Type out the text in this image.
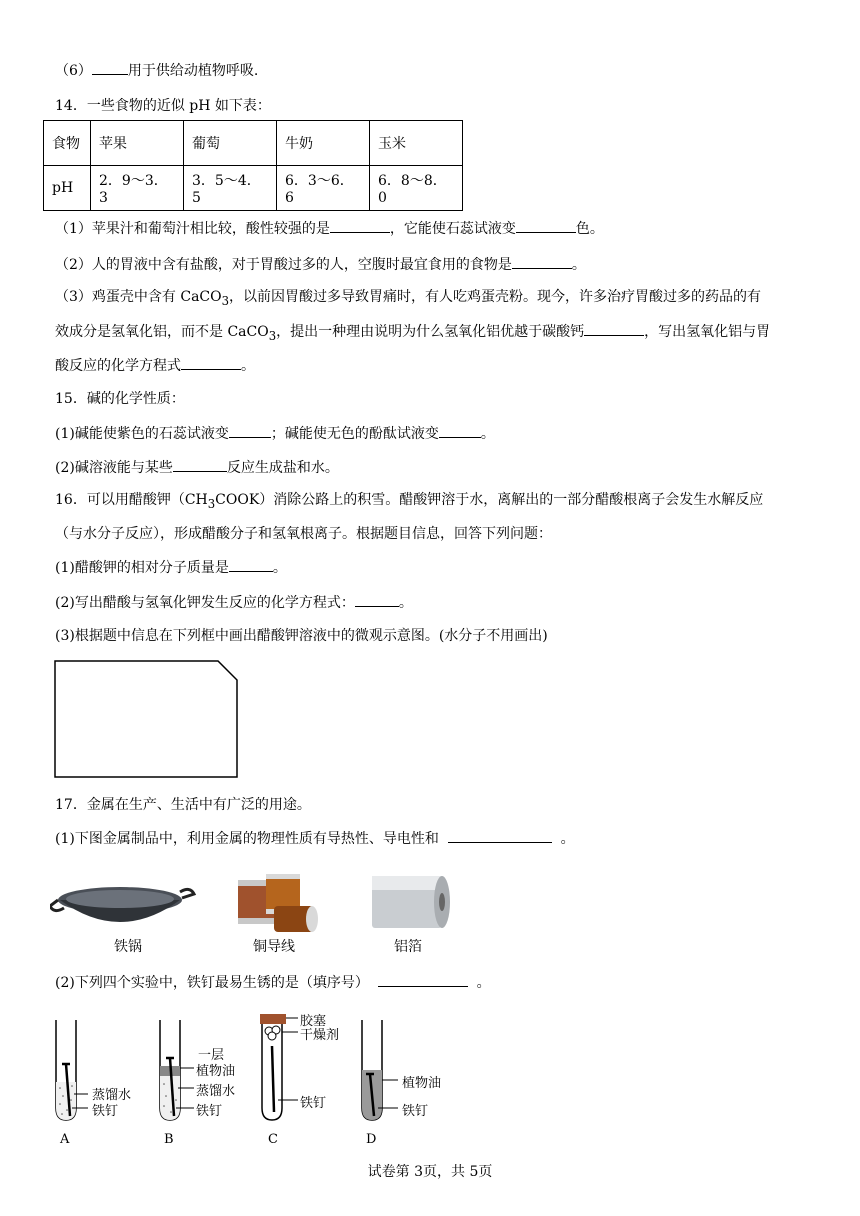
（6）	用于供给动植物呼吸.
14．一些食物的近似 pH 如下表：
食物	苹果	葡萄	牛奶	玉米
pH	2．9～3．3	3．5～4．5	6．3～6．6	6．8～8．0
（1）苹果汁和葡萄汁相比较，酸性较强的是	，它能使石蕊试液变	色。
（2）人的胃液中含有盐酸，对于胃酸过多的人，空腹时最宜食用的食物是	。
（3）鸡蛋壳中含有 CaCO$_3$，以前因胃酸过多导致胃痛时，有人吃鸡蛋壳粉。现今，许多治疗胃酸过多的药品的有
效成分是氢氧化铝，而不是 CaCO$_3$，提出一种理由说明为什么氢氧化铝优越于碳酸钙	，写出氢氧化铝与胃
酸反应的化学方程式	。
15．碱的化学性质：
(1)碱能使紫色的石蕊试液变	；碱能使无色的酚酞试液变	。
(2)碱溶液能与某些	反应生成盐和水。
16．可以用醋酸钾$(CH_3COOK)$消除公路上的积雪。醋酸钾溶于水，离解出的一部分醋酸根离子会发生水解反应
（与水分子反应），形成醋酸分子和氢氧根离子。根据题目信息，回答下列问题：
(1)醋酸钾的相对分子质量是	。
(2)写出醋酸与氢氧化钾发生反应的化学方程式：	。
(3)根据题中信息在下列框中画出醋酸钾溶液中的微观示意图。(水分子不用画出)
17．金属在生产、生活中有广泛的用途。
(1)下图金属制品中，利用金属的物理性质有导热性、导电性和	。
铁锅	铜导线	铝箔
(2)下列四个实验中，铁钉最易生锈的是（填序号）	。
蒸馏水
铁钉
A
一层
植物油
蒸馏水
铁钉
B
胶塞
干燥剂
铁钉
C
植物油
铁钉
D
试卷第 3页，共 5页
